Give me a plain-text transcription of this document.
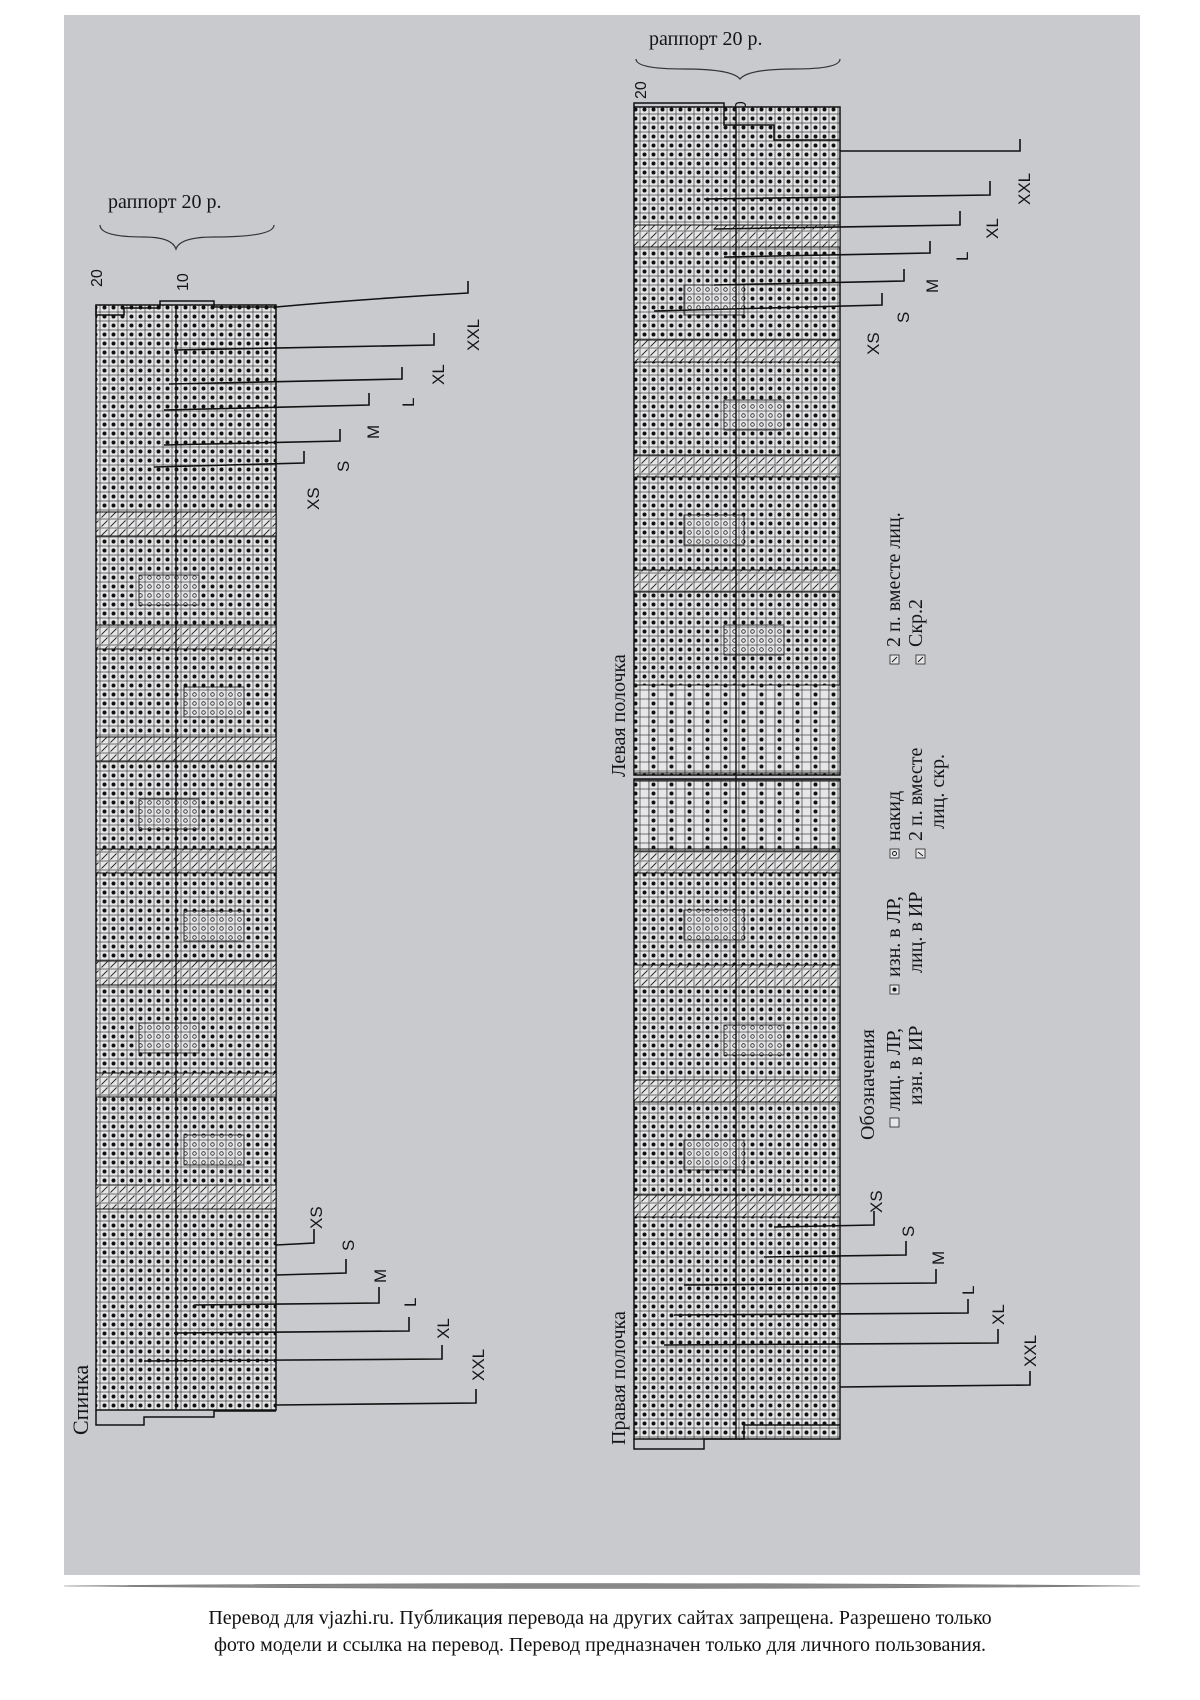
раппорт 20 р.
20	10
XS
S
M
L
XL
XXL
XS
S
M
L
XL
XXL
Спинка
раппорт 20 р.
20
XS
S
M
L
XL
XXL
XS
S
M
L
XL
XXL
Левая полочка
Правая полочка
Обозначения лиц. в ЛР, изн. в ИР
изн. в ЛР, лиц. в ИР
накид 2 п. вместе лиц. скр.
2 п. вместе лиц. Скр.2
Перевод для vjazhi.ru. Публикация перевода на других сайтах запрещена. Разрешено только
фото модели и ссылка на перевод. Перевод предназначен только для личного пользования.
